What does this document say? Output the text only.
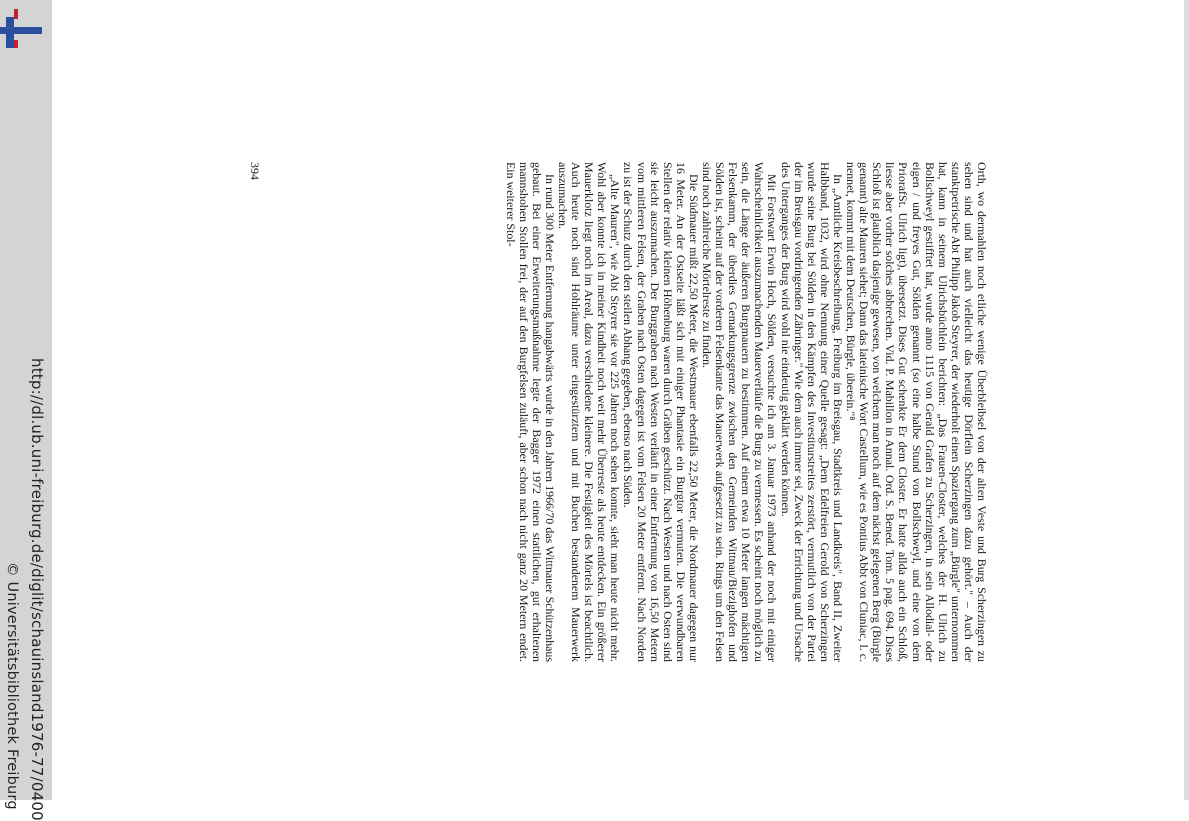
http://dl.ub.uni-freiburg.de/diglit/schauinsland1976-77/0400
© Universitätsbibliothek Freiburg

Orth, wo dermahlen noch etliche wenige Überbleibsel von der alten Veste und Burg Scherzingen zu sehen sind und hat auch vielleicht das heutige Dörflein Scherzingen dazu gehört." – Auch der stanktpetrische Abt Philipp Jakob Steyrer, der wiederholt einen Spaziergang zum „Bürgle" unternommen hat, kann in seinem Ulrichsbüchlein berichten: „Das Frauen-Closter, welches der H. Ulrich zu Bollschweyl gestifftet hat, wurde anno 1115 von Gerald Grafen zu Scherzingen, in sein Allodial- oder eigen / und freyes Gut, Sölden genannt (so eine halbe Stund von Bollschweyl, und eine von dem PriorafSt. Ulrich ligt), übersetzt. Dises Gut schenkte Er dem Closter. Er hatte allda auch ein Schloß, liesse aber vorher solches abbrechen. Vid. P. Mabillon in Annal. Ord. S. Bened. Tom. 5 pag. 694. Dises Schloß ist glaublich dasjenige gewesen, von welchem man noch auf dem nächst gelegenen Berg (Bürgle genannt) alte Mauren siehet; Dann das lateinische Wort Castellum, wie es Pontius Abbt von Cluniac, l. c. nennet, kommt mit dem Deutschen, Bürgle, überein."⁸

In „Amtliche Kreisbeschreibung, Freiburg im Breisgau, Stadtkreis und Landkreis", Band II, Zweiter Halbband, 1032, wird ohne Nennung einer Quelle gesagt: „Dem Edelfreien Gerold von Scherzingen wurde seine Burg bei Sölden in den Kämpfen des Investiturstreites zerstört, vermutlich von der Partei der im Breisgau vordringenden Zähringer." Wie dem auch immer sei, Zweck der Errichtung und Ursache des Unterganges der Burg wird wohl nie eindeutig geklärt werden können.

Mit Forstwart Erwin Hoch, Sölden, versuchte ich am 3. Januar 1973 anhand der noch mit einiger Wahrscheinlichkeit auszumachenden Mauerverläufe die Burg zu vermessen. Es scheint noch möglich zu sein, die Länge der äußeren Burgmauern zu bestimmen. Auf einem etwa 10 Meter langen mächtigen Felsenkamm, der überdies Gemarkungsgrenze zwischen den Gemeinden Wittnau/Biezighofen und Sölden ist, scheint auf der vorderen Felsenkante das Mauerwerk aufgesetzt zu sein. Rings um den Felsen sind noch zahlreiche Mörtelreste zu finden.

Die Südmauer mißt 22,50 Meter, die Westmauer ebenfalls 22,50 Meter, die Nordmauer dagegen nur 16 Meter. An der Ostseite läßt sich mit einiger Phantasie ein Burgtor vermuten. Die verwundbaren Stellen der relativ kleinen Höhenburg waren durch Gräben geschützt. Nach Westen und nach Osten sind sie leicht auszumachen. Der Burggraben nach Westen verläuft in einer Entfernung von 16,50 Metern vom mittleren Felsen, der Graben nach Osten dagegen ist vom Felsen 20 Meter entfernt. Nach Norden zu ist der Schutz durch den steilen Abhang gegeben, ebenso nach Süden.

„Alte Mauren", wie Abt Steyrer sie vor 225 Jahren noch sehen konnte, sieht man heute nicht mehr. Wohl aber konnte ich in meiner Kindheit noch weit mehr Überreste als heute entdecken. Ein größerer Mauerklotz liegt noch im Areal, dazu verschiedene kleinere. Die Festigkeit des Mörtels ist beachtlich. Auch heute noch sind Hohlräume unter eingestürztem und mit Buchen bestandenem Mauerwerk auszumachen.

In rund 300 Meter Entfernung hangabwärts wurde in den Jahren 1966/70 das Wittnauer Schützenhaus gebaut. Bei einer Erweiterungsmaßnahme legte der Bagger 1972 einen stattlichen, gut erhaltenen mannshohen Stollen frei, der auf den Burgfelsen zuläuft, aber schon nach nicht ganz 20 Metern endet. Ein weiterer Stol-

394
